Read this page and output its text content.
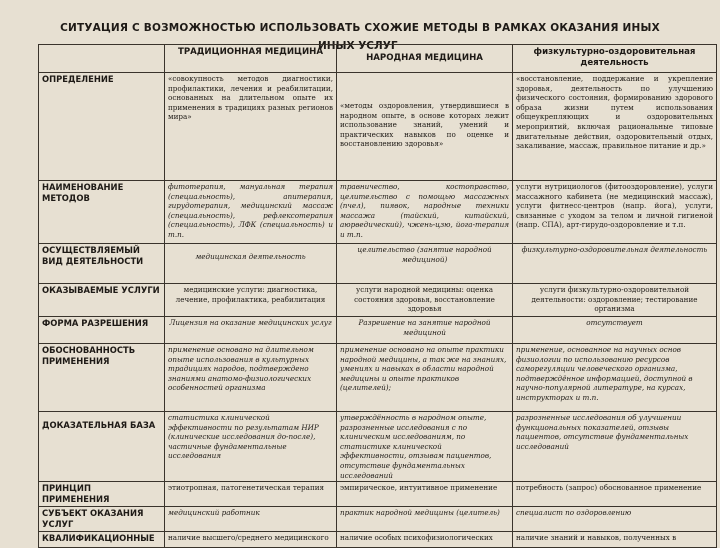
СИТУАЦИЯ С ВОЗМОЖНОСТЬЮ ИСПОЛЬЗОВАТЬ СХОЖИЕ МЕТОДЫ В РАМКАХ ОКАЗАНИЯ ИНЫХ
ИНЫХ УСЛУГ
	ТРАДИЦИОННАЯ МЕДИЦИНА	НАРОДНАЯ МЕДИЦИНА	физкультурно-оздоровительная деятельность
ОПРЕДЕЛЕНИЕ	«совокупность методов диагностики, профилактики, лечения и реабилитации, основанных на длительном опыте их применения в традициях разных регионов мира»	«методы оздоровления, утвердившиеся в народном опыте, в основе которых лежит использование знаний, умений и практических навыков по оценке и восстановлению здоровья»	«восстановление, поддержание и укрепление здоровья, деятельность по улучшению физического состояния, формированию здорового образа жизни путем использования общеукрепляющих и оздоровительных мероприятий, включая рациональные типовые двигательные действия, оздоровительный отдых, закаливание, массаж, правильное питание и др.»
НАИМЕНОВАНИЕ МЕТОДОВ	фитотерапия, мануальная терапия (специальность), апитерапия, гирудотерапия, медицинский массаж (специальность), рефлексотерапия (специальность), ЛФК (специальность) и т.п.	травничество, костоправство, целительство с помощью массажных (пчел), пиявок, народные техники массажа (тайский, китайский, аюрведический), чжень-цзю, йога-терапия и т.п.	услуги нутрициологов (фитооздоровление), услуги массажного кабинета (не медицинский массаж), услуги фитнесс-центров (напр. йога), услуги, связанные с уходом за телом и личной гигиеной (напр. СПА), арт-гирудо-оздоровление и т.п.
ОСУЩЕСТВЛЯЕМЫЙ ВИД ДЕЯТЕЛЬНОСТИ	медицинская деятельность	целительство (занятие народной медициной)	физкультурно-оздоровительная деятельность
ОКАЗЫВАЕМЫЕ УСЛУГИ	медицинские услуги: диагностика, лечение, профилактика, реабилитация	услуги народной медицины: оценка состояния здоровья, восстановление здоровья	услуги физкультурно-оздоровительной деятельности: оздоровление; тестирование организма
ФОРМА РАЗРЕШЕНИЯ	Лицензия на оказание медицинских услуг	Разрешение на занятие народной медициной	отсутствует
ОБОСНОВАННОСТЬ ПРИМЕНЕНИЯ	применение основано на длительном опыте использования в культурных традициях народов, подтверждено знаниями анатомо-физиологических особенностей организма	применение основано на опыте практики народной медицины, а так же на знаниях, умениях и навыках в области народной медицины и опыте практиков (целителей);	применение, основанное на научных основ физиологии по использованию ресурсов саморегуляции человеческого организма, подтверждённое информацией, доступной в научно-популярной литературе, на курсах, инструкторах и т.п.
ДОКАЗАТЕЛЬНАЯ БАЗА	статистика клинической эффективности по результатам НИР (клинические исследования до-после), частичные фундаментальные исследования	утверждённость в народном опыте, разрозненные исследования с по клиническим исследованиям, по статистике клинической эффективности, отзывам пациентов, отсутствие фундаментальных исследований	разрозненные исследования об улучшении функциональных показателей, отзывы пациентов, отсутствие фундаментальных исследований
ПРИНЦИП ПРИМЕНЕНИЯ	этиотропная, патогенетическая терапия	эмпирическое, интуитивное применение	потребность (запрос) обоснованное применение
СУБЪЕКТ ОКАЗАНИЯ УСЛУГ	медицинский работник	практик народной медицины (целитель)	специалист по оздоровлению
КВАЛИФИКАЦИОННЫЕ	наличие высшего/среднего медицинского	наличие особых психофизиологических	наличие знаний и навыков, полученных в
